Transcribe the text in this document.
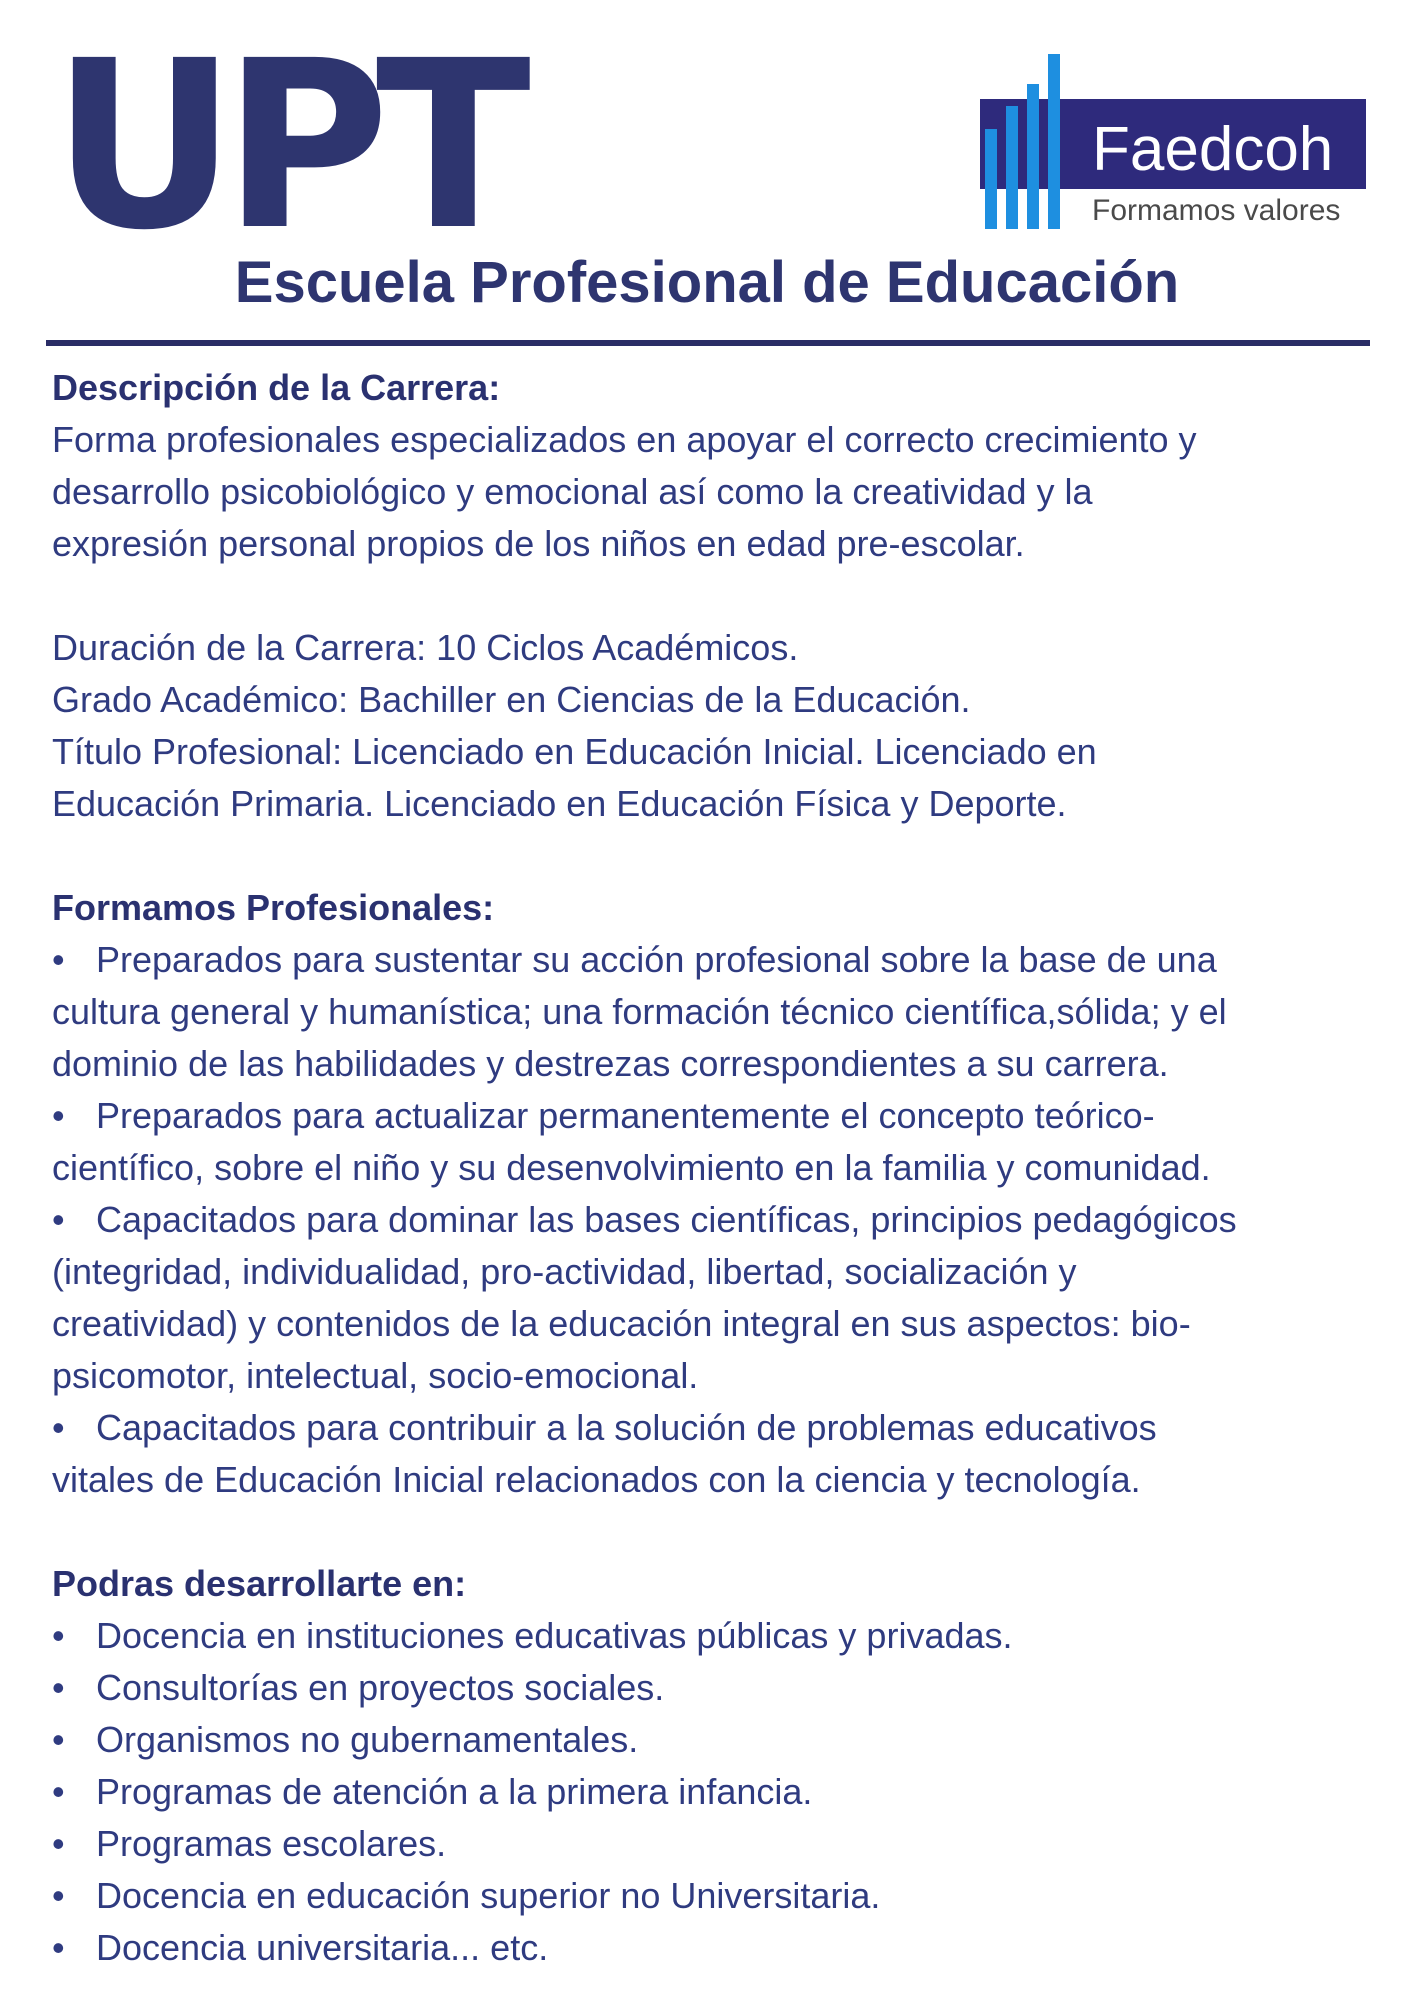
UPT	Faedcoh
Formamos valores
Escuela Profesional de Educación

Descripción de la Carrera:

Forma profesionales especializados en apoyar el correcto crecimiento y

desarrollo psicobiológico y emocional así como la creatividad y la

expresión personal propios de los niños en edad pre-escolar.

Duración de la Carrera: 10 Ciclos Académicos.

Grado Académico: Bachiller en Ciencias de la Educación.

Título Profesional: Licenciado en Educación Inicial. Licenciado en

Educación Primaria. Licenciado en Educación Física y Deporte.

Formamos Profesionales:

• Preparados para sustentar su acción profesional sobre la base de una

cultura general y humanística; una formación técnico científica,sólida; y el

dominio de las habilidades y destrezas correspondientes a su carrera.

• Preparados para actualizar permanentemente el concepto teórico-

científico, sobre el niño y su desenvolvimiento en la familia y comunidad.

• Capacitados para dominar las bases científicas, principios pedagógicos

(integridad, individualidad, pro-actividad, libertad, socialización y

creatividad) y contenidos de la educación integral en sus aspectos: bio-

psicomotor, intelectual, socio-emocional.

• Capacitados para contribuir a la solución de problemas educativos

vitales de Educación Inicial relacionados con la ciencia y tecnología.

Podras desarrollarte en:

• Docencia en instituciones educativas públicas y privadas.

• Consultorías en proyectos sociales.

• Organismos no gubernamentales.

• Programas de atención a la primera infancia.

• Programas escolares.

• Docencia en educación superior no Universitaria.

• Docencia universitaria... etc.
